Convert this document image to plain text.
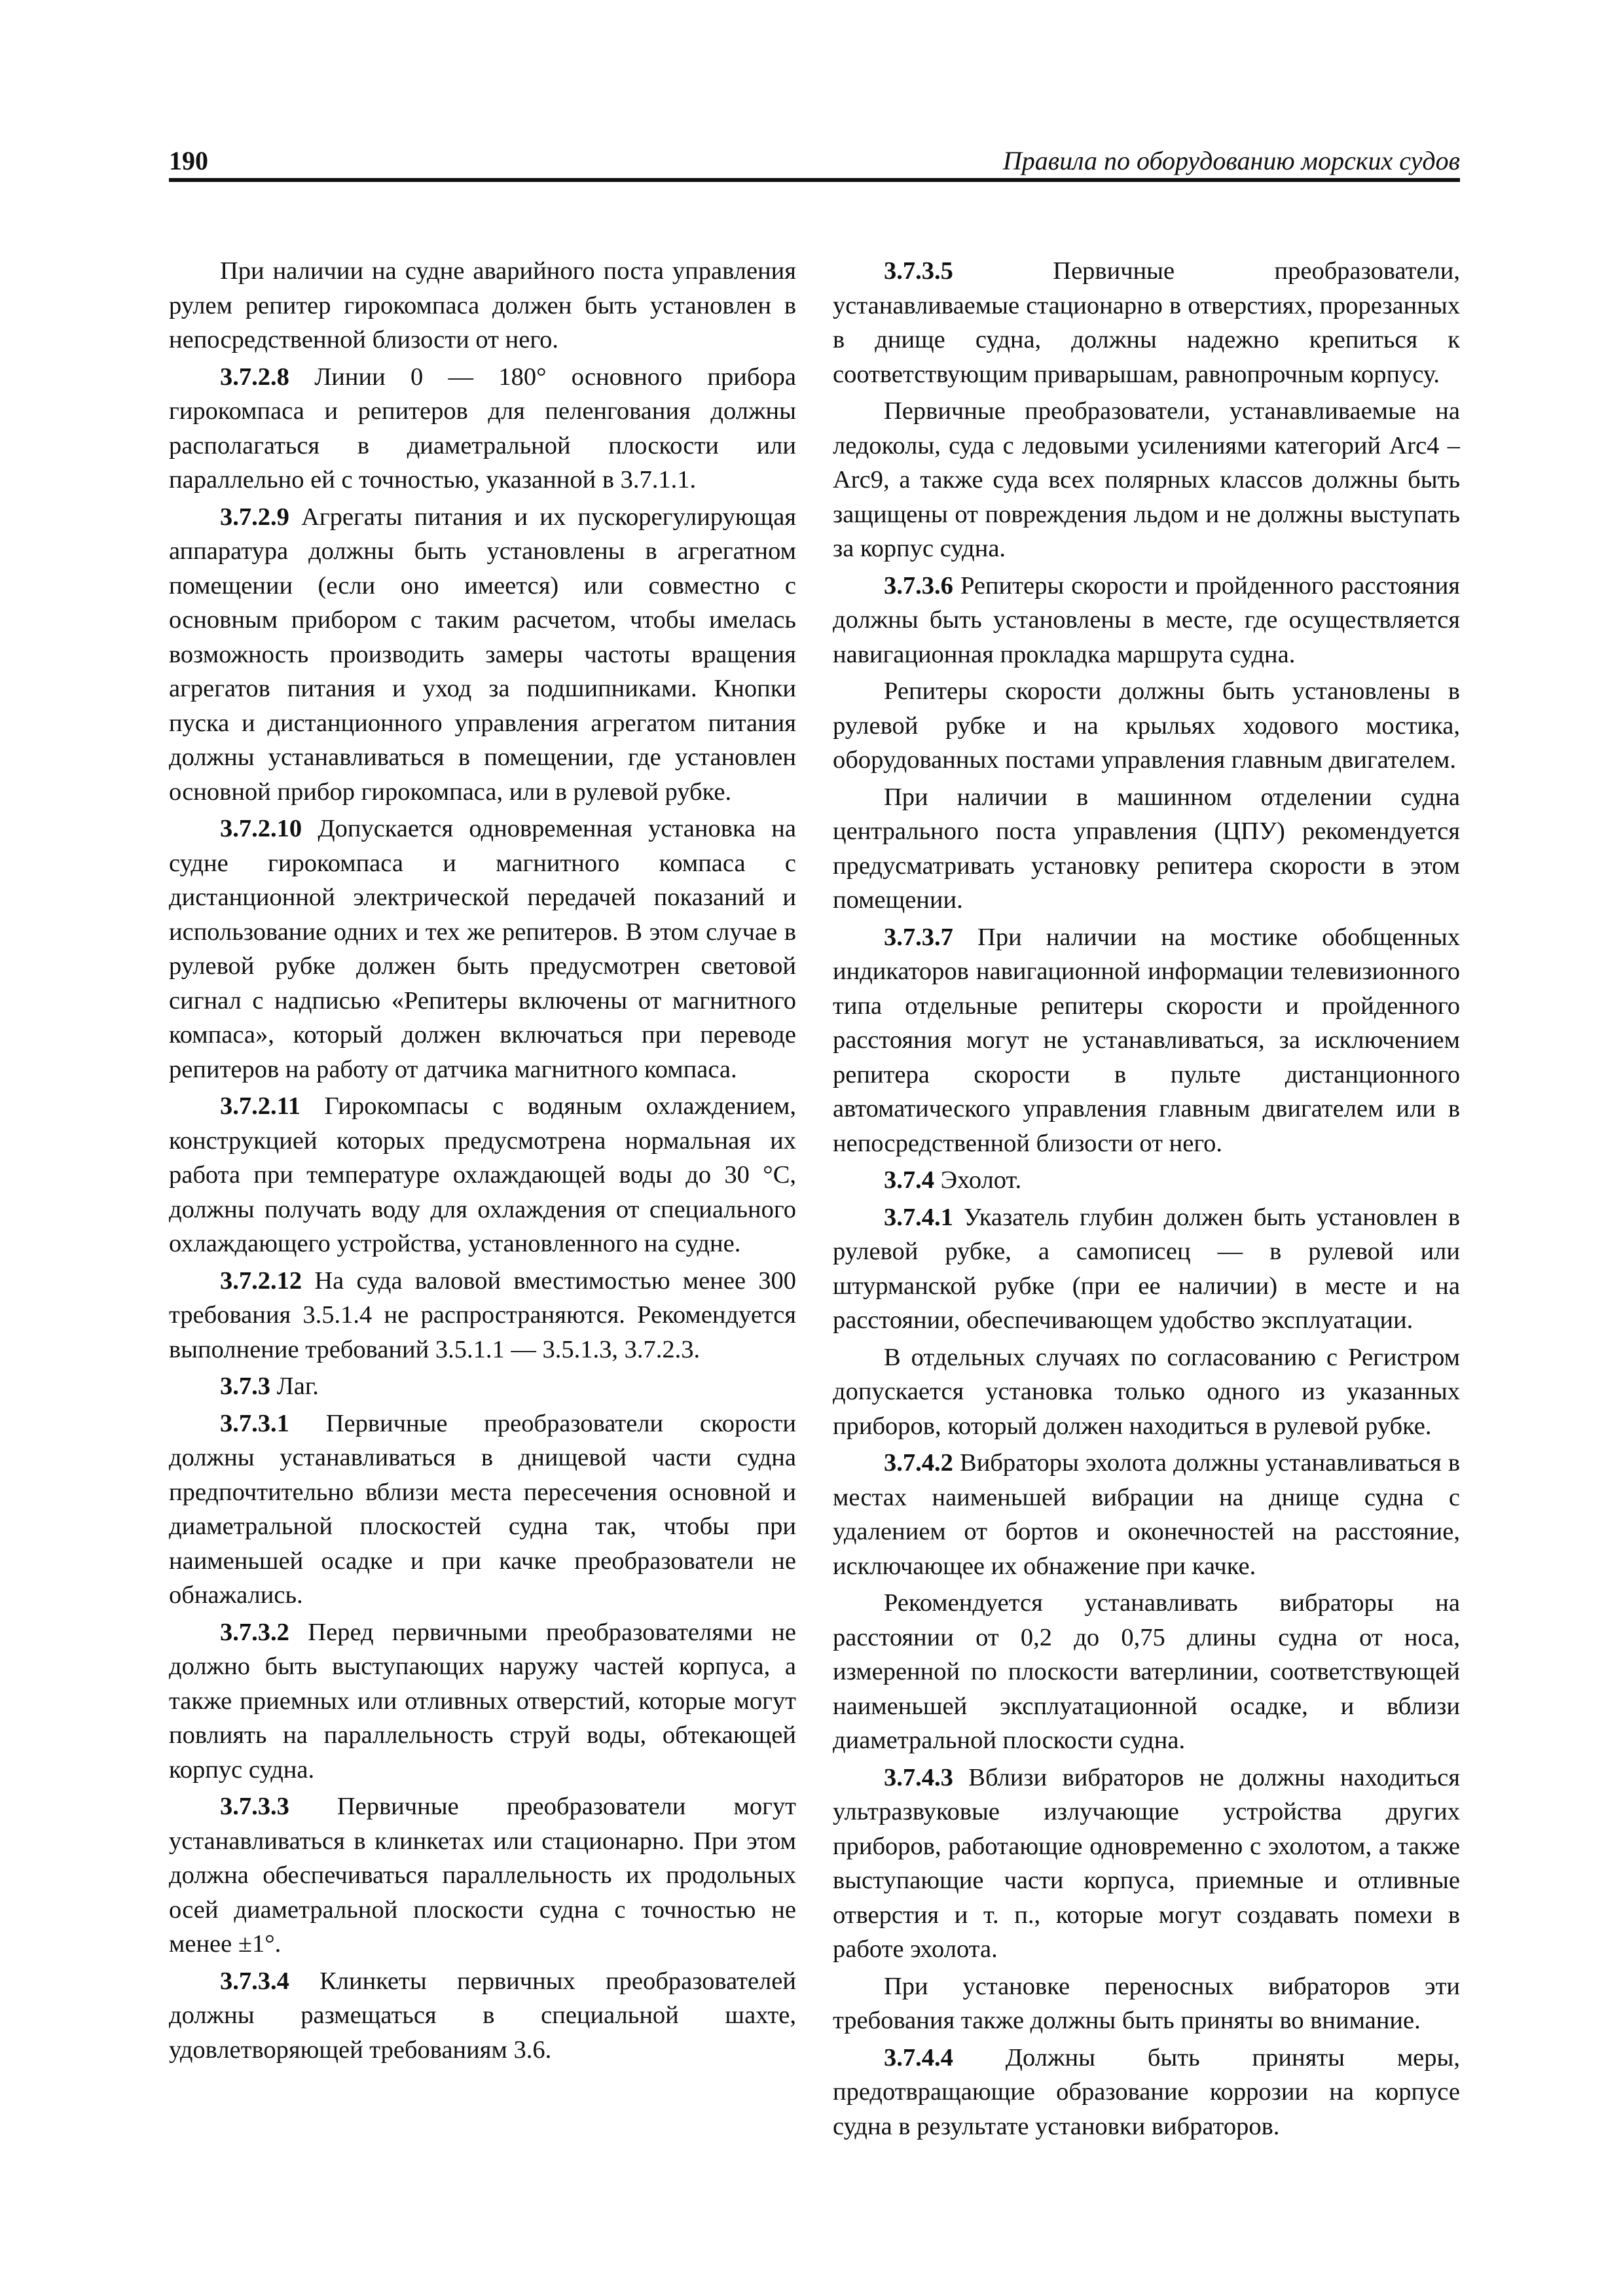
190	Правила по оборудованию морских судов

При наличии на судне аварийного поста управления рулем репитер гирокомпаса должен быть установлен в непосредственной близости от него.

3.7.2.8 Линии 0 — 180° основного прибора гирокомпаса и репитеров для пеленгования должны располагаться в диаметральной плоскости или параллельно ей с точностью, указанной в 3.7.1.1.

3.7.2.9 Агрегаты питания и их пускорегулирующая аппаратура должны быть установлены в агрегатном помещении (если оно имеется) или совместно с основным прибором с таким расчетом, чтобы имелась возможность производить замеры частоты вращения агрегатов питания и уход за подшипниками. Кнопки пуска и дистанционного управления агрегатом питания должны устанавливаться в помещении, где установлен основной прибор гирокомпаса, или в рулевой рубке.

3.7.2.10 Допускается одновременная установка на судне гирокомпаса и магнитного компаса с дистанционной электрической передачей показаний и использование одних и тех же репитеров. В этом случае в рулевой рубке должен быть предусмотрен световой сигнал с надписью «Репитеры включены от магнитного компаса», который должен включаться при переводе репитеров на работу от датчика магнитного компаса.

3.7.2.11 Гирокомпасы с водяным охлаждением, конструкцией которых предусмотрена нормальная их работа при температуре охлаждающей воды до 30 °С, должны получать воду для охлаждения от специального охлаждающего устройства, установленного на судне.

3.7.2.12 На суда валовой вместимостью менее 300 требования 3.5.1.4 не распространяются. Рекомендуется выполнение требований 3.5.1.1 — 3.5.1.3, 3.7.2.3.

3.7.3 Лаг.

3.7.3.1 Первичные преобразователи скорости должны устанавливаться в днищевой части судна предпочтительно вблизи места пересечения основной и диаметральной плоскостей судна так, чтобы при наименьшей осадке и при качке преобразователи не обнажались.

3.7.3.2 Перед первичными преобразователями не должно быть выступающих наружу частей корпуса, а также приемных или отливных отверстий, которые могут повлиять на параллельность струй воды, обтекающей корпус судна.

3.7.3.3 Первичные преобразователи могут устанавливаться в клинкетах или стационарно. При этом должна обеспечиваться параллельность их продольных осей диаметральной плоскости судна с точностью не менее ±1°.

3.7.3.4 Клинкеты первичных преобразователей должны размещаться в специальной шахте, удовлетворяющей требованиям 3.6.

3.7.3.5	Первичные преобразователи, устанавливаемые стационарно в отверстиях, прорезанных в днище судна, должны надежно крепиться к соответствующим приварышам, равнопрочным корпусу.

Первичные преобразователи, устанавливаемые на ледоколы, суда с ледовыми усилениями категорий Arc4 – Arc9, а также суда всех полярных классов должны быть защищены от повреждения льдом и не должны выступать за корпус судна.

3.7.3.6 Репитеры скорости и пройденного расстояния должны быть установлены в месте, где осуществляется навигационная прокладка маршрута судна.

Репитеры скорости должны быть установлены в рулевой рубке и на крыльях ходового мостика, оборудованных постами управления главным двигателем.

При наличии в машинном отделении судна центрального поста управления (ЦПУ) рекомендуется предусматривать установку репитера скорости в этом помещении.

3.7.3.7 При наличии на мостике обобщенных индикаторов навигационной информации телевизионного типа отдельные репитеры скорости и пройденного расстояния могут не устанавливаться, за исключением репитера скорости в пульте дистанционного автоматического управления главным двигателем или в непосредственной близости от него.

3.7.4 Эхолот.

3.7.4.1 Указатель глубин должен быть установлен в рулевой рубке, а самописец — в рулевой или штурманской рубке (при ее наличии) в месте и на расстоянии, обеспечивающем удобство эксплуатации.

В отдельных случаях по согласованию с Регистром допускается установка только одного из указанных приборов, который должен находиться в рулевой рубке.

3.7.4.2 Вибраторы эхолота должны устанавливаться в местах наименьшей вибрации на днище судна с удалением от бортов и оконечностей на расстояние, исключающее их обнажение при качке.

Рекомендуется устанавливать вибраторы на расстоянии от 0,2 до 0,75 длины судна от носа, измеренной по плоскости ватерлинии, соответствующей наименьшей эксплуатационной осадке, и вблизи диаметральной плоскости судна.

3.7.4.3 Вблизи вибраторов не должны находиться ультразвуковые излучающие устройства других приборов, работающие одновременно с эхолотом, а также выступающие части корпуса, приемные и отливные отверстия и т. п., которые могут создавать помехи в работе эхолота.

При установке переносных вибраторов эти требования также должны быть приняты во внимание.

3.7.4.4 Должны быть приняты меры, предотвращающие образование коррозии на корпусе судна в результате установки вибраторов.
